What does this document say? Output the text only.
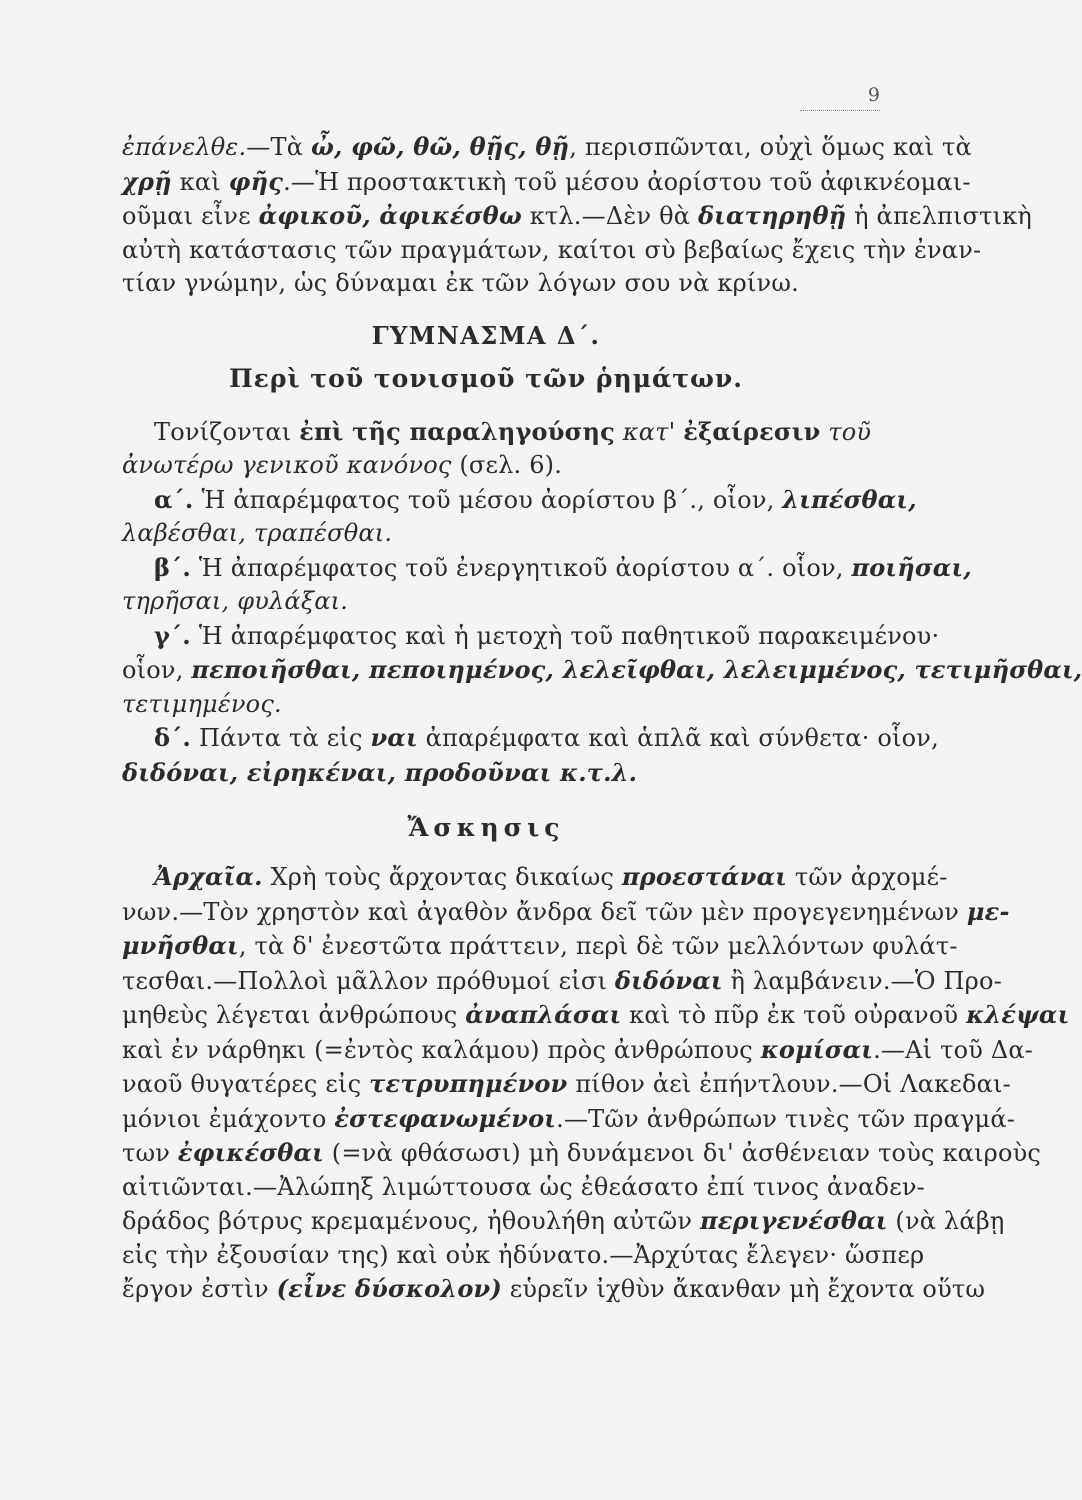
9

ἐπάνελθε.—Τὰ ὦ, φῶ, θῶ, θῇς, θῇ, περισπῶνται, οὐχὶ ὅμως καὶ τὰ

χρῇ καὶ φῆς.—Ἡ προστακτικὴ τοῦ μέσου ἀορίστου τοῦ ἀφικνέομαι-

οῦμαι εἶνε ἀφικοῦ, ἀφικέσθω κτλ.—Δὲν θὰ διατηρηθῇ ἡ ἀπελπιστικὴ

αὐτὴ κατάστασις τῶν πραγμάτων, καίτοι σὺ βεβαίως ἔχεις τὴν ἐναν-

τίαν γνώμην, ὡς δύναμαι ἐκ τῶν λόγων σου νὰ κρίνω.

ΓΥΜΝΑΣΜΑ Δ΄.
Περὶ τοῦ τονισμοῦ τῶν ῥημάτων.

Τονίζονται ἐπὶ τῆς παραληγούσης κατ' ἐξαίρεσιν τοῦ

ἀνωτέρω γενικοῦ κανόνος (σελ. 6).

α΄. Ἡ ἀπαρέμφατος τοῦ μέσου ἀορίστου β΄., οἷον, λιπέσθαι,

λαβέσθαι, τραπέσθαι.

β΄. Ἡ ἀπαρέμφατος τοῦ ἐνεργητικοῦ ἀορίστου α΄. οἷον, ποιῆσαι,

τηρῆσαι, φυλάξαι.

γ΄. Ἡ ἀπαρέμφατος καὶ ἡ μετοχὴ τοῦ παθητικοῦ παρακειμένου·

οἷον, πεποιῆσθαι, πεποιημένος, λελεῖφθαι, λελειμμένος, τετιμῆσθαι,

τετιμημένος.

δ΄. Πάντα τὰ εἰς ναι ἀπαρέμφατα καὶ ἁπλᾶ καὶ σύνθετα· οἷον,

διδόναι, εἰρηκέναι, προδοῦναι κ.τ.λ.

Ἄσκησις

Ἀρχαῖα. Χρὴ τοὺς ἄρχοντας δικαίως προεστάναι τῶν ἀρχομέ-

νων.—Τὸν χρηστὸν καὶ ἀγαθὸν ἄνδρα δεῖ τῶν μὲν προγεγενημένων με-

μνῆσθαι, τὰ δ' ἐνεστῶτα πράττειν, περὶ δὲ τῶν μελλόντων φυλάτ-

τεσθαι.—Πολλοὶ μᾶλλον πρόθυμοί εἰσι διδόναι ἢ λαμβάνειν.—Ὁ Προ-

μηθεὺς λέγεται ἀνθρώπους ἀναπλάσαι καὶ τὸ πῦρ ἐκ τοῦ οὐρανοῦ κλέψαι

καὶ ἐν νάρθηκι (=ἐντὸς καλάμου) πρὸς ἀνθρώπους κομίσαι.—Αἱ τοῦ Δα-

ναοῦ θυγατέρες εἰς τετρυπημένον πίθον ἀεὶ ἐπήντλουν.—Οἱ Λακεδαι-

μόνιοι ἐμάχοντο ἐστεφανωμένοι.—Τῶν ἀνθρώπων τινὲς τῶν πραγμά-

των ἐφικέσθαι (=νὰ φθάσωσι) μὴ δυνάμενοι δι' ἀσθένειαν τοὺς καιροὺς

αἰτιῶνται.—Ἀλώπηξ λιμώττουσα ὡς ἐθεάσατο ἐπί τινος ἀναδεν-

δράδος βότρυς κρεμαμένους, ἠθουλήθη αὐτῶν περιγενέσθαι (νὰ λάβῃ

εἰς τὴν ἐξουσίαν της) καὶ οὐκ ἠδύνατο.—Ἀρχύτας ἔλεγεν· ὥσπερ

ἔργον ἐστὶν (εἶνε δύσκολον) εὑρεῖν ἰχθὺν ἄκανθαν μὴ ἔχοντα οὕτω
